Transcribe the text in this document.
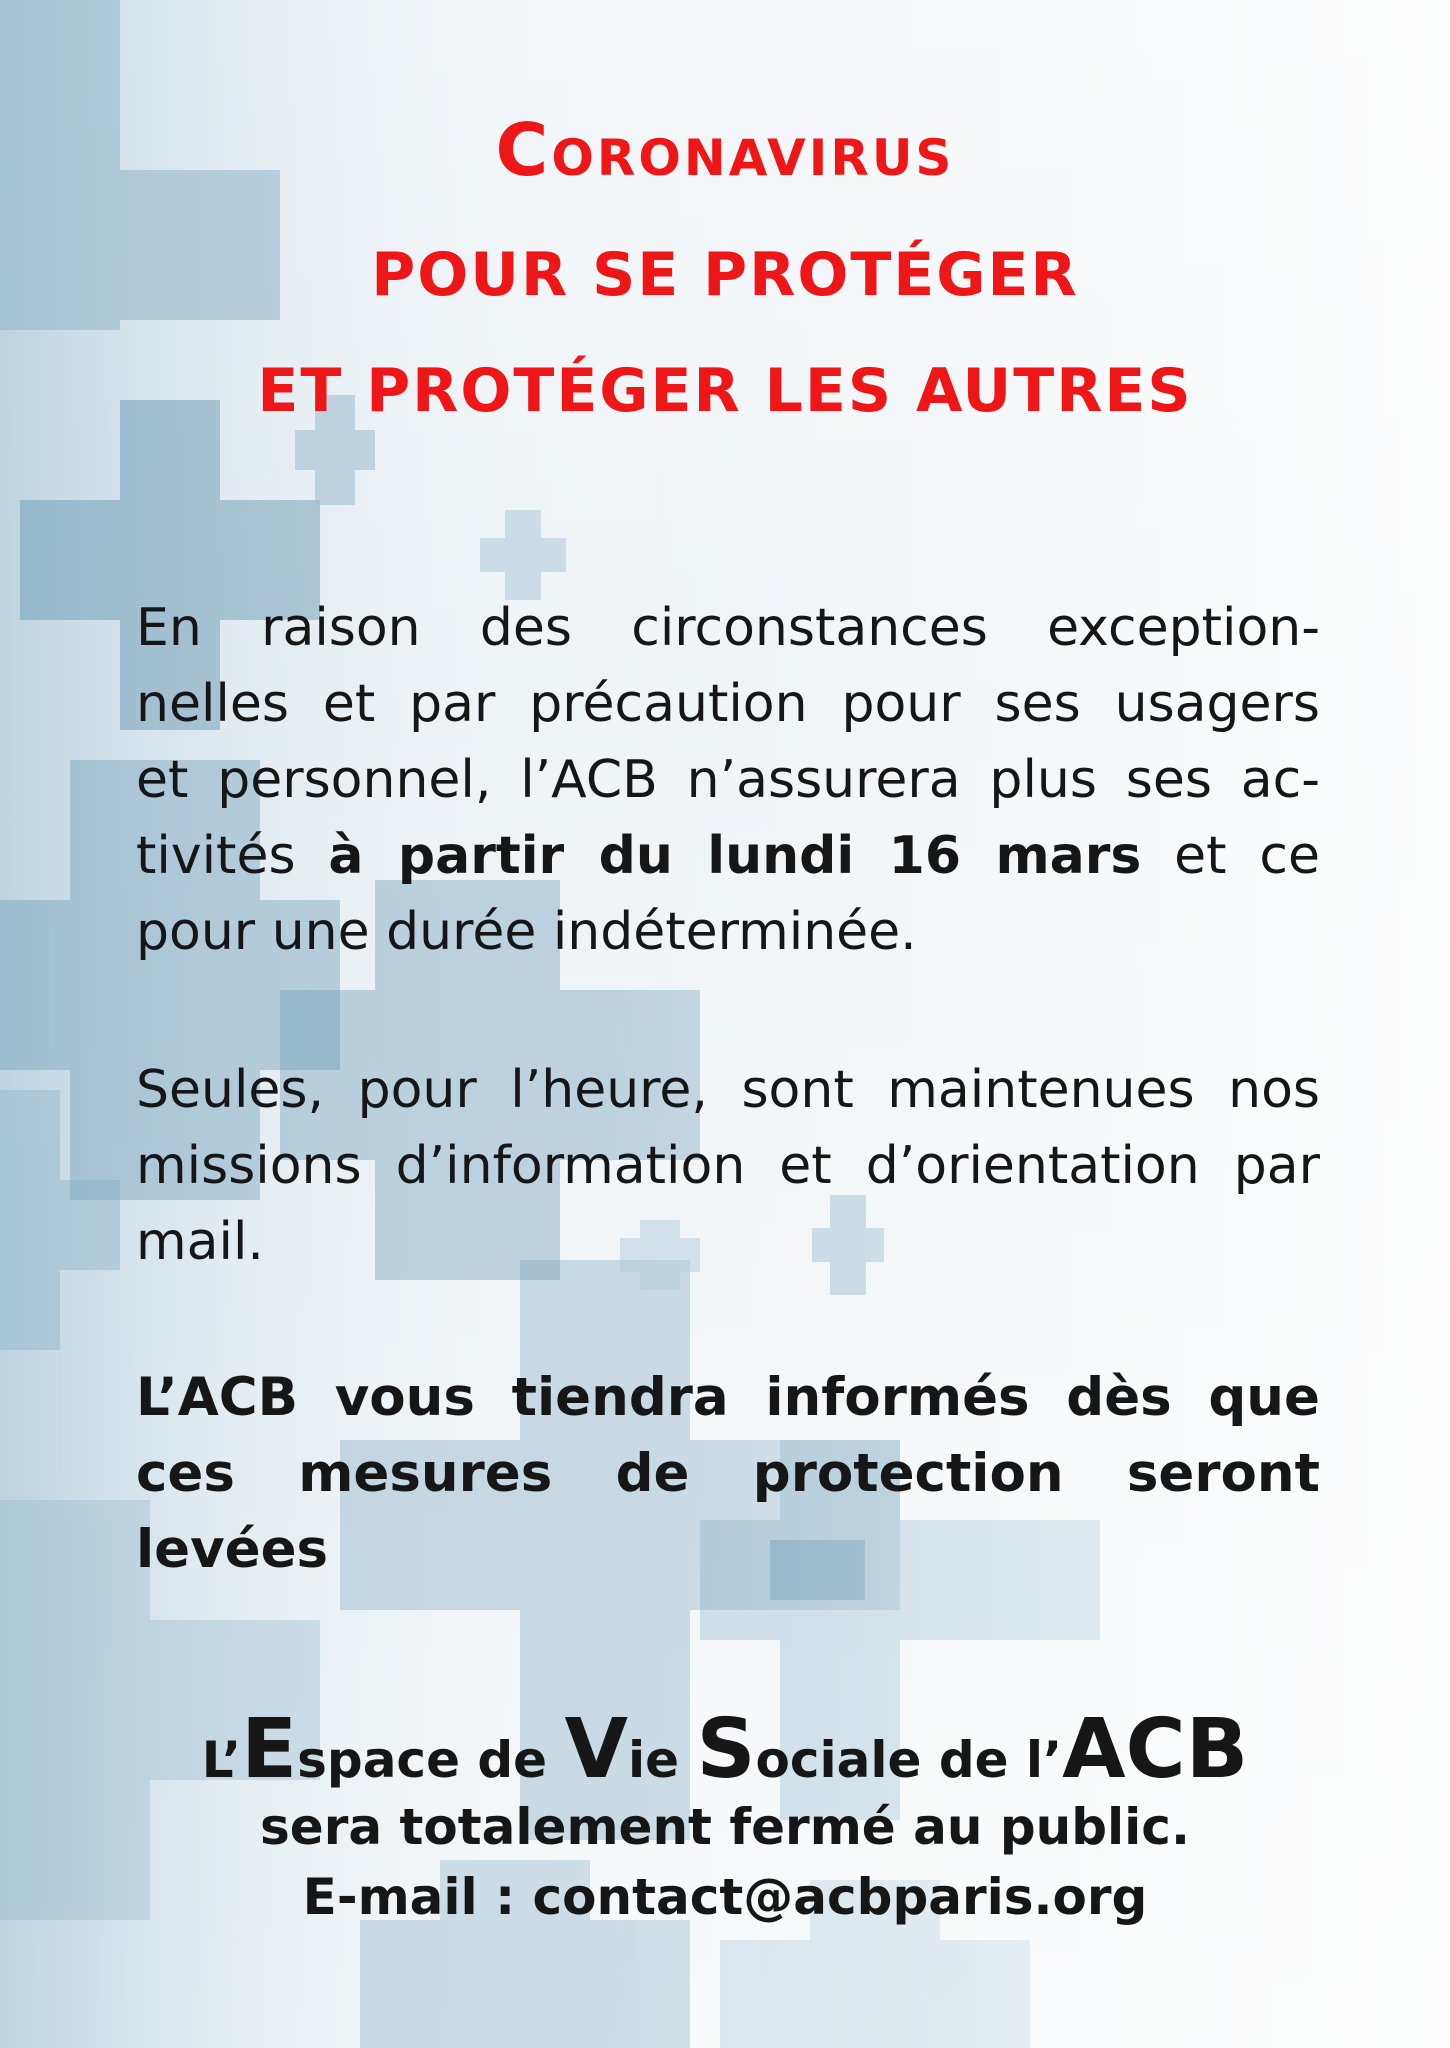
Coronavirus
POUR SE PROTÉGER
ET PROTÉGER LES AUTRES
En raison des circonstances exception-
nelles et par précaution pour ses usagers
et personnel, l’ACB n’assurera plus ses ac-
tivités à partir du lundi 16 mars et ce
pour une durée indéterminée.
Seules, pour l’heure, sont maintenues nos
missions d’information et d’orientation par
mail.
L’ACB vous tiendra informés dès que
ces mesures de protection seront
levées
L’Espace de Vie Sociale de l’ACB
sera totalement fermé au public.
E-mail : contact@acbparis.org
